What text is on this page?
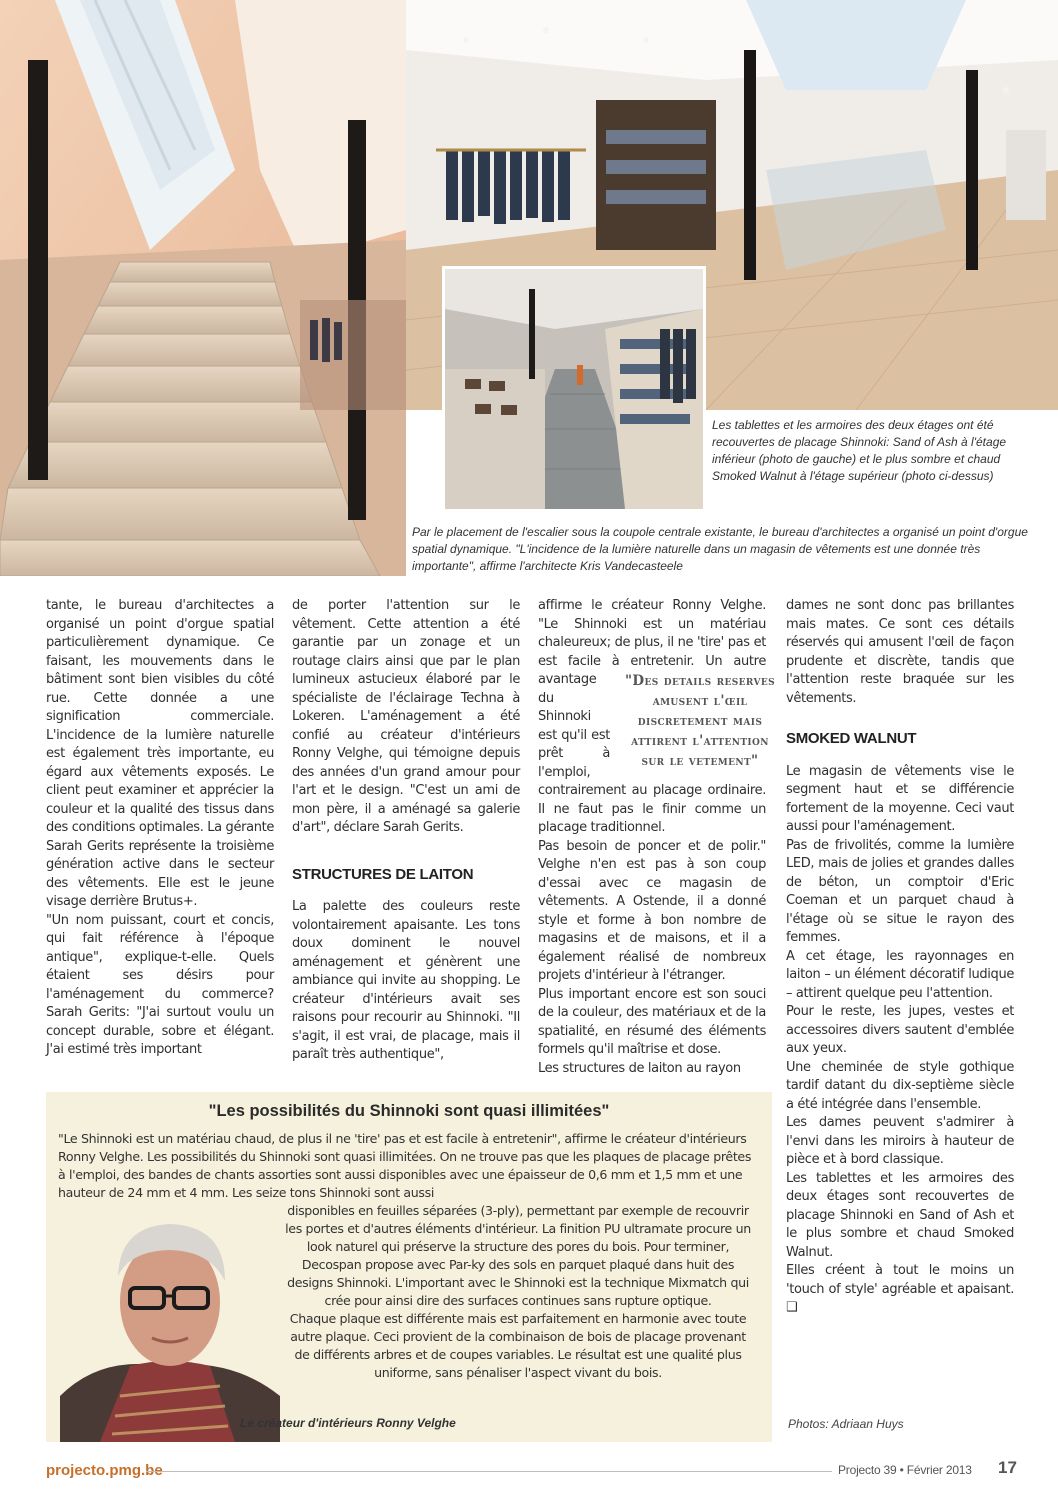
Les tablettes et les armoires des deux étages ont été recouvertes de placage Shinnoki: Sand of Ash à l'étage inférieur (photo de gauche) et le plus sombre et chaud Smoked Walnut à l'étage supérieur (photo ci-dessus)
Par le placement de l'escalier sous la coupole centrale existante, le bureau d'architectes a organisé un point d'orgue spatial dynamique. "L'incidence de la lumière naturelle dans un magasin de vêtements est une donnée très importante", affirme l'architecte Kris Vandecasteele

tante, le bureau d'architectes a organisé un point d'orgue spatial particulièrement dynamique. Ce faisant, les mouvements dans le bâtiment sont bien visibles du côté rue. Cette donnée a une signification commerciale. L'incidence de la lumière naturelle est également très importante, eu égard aux vêtements exposés. Le client peut examiner et apprécier la couleur et la qualité des tissus dans des conditions optimales. La gérante Sarah Gerits représente la troisième génération active dans le secteur des vêtements. Elle est le jeune visage derrière Brutus+.

"Un nom puissant, court et concis, qui fait référence à l'époque antique", explique-t-elle. Quels étaient ses désirs pour l'aménagement du commerce? Sarah Gerits: "J'ai surtout voulu un concept durable, sobre et élégant. J'ai estimé très important

de porter l'attention sur le vêtement. Cette attention a été garantie par un zonage et un routage clairs ainsi que par le plan lumineux astucieux élaboré par le spécialiste de l'éclairage Techna à Lokeren. L'aménagement a été confié au créateur d'intérieurs Ronny Velghe, qui témoigne depuis des années d'un grand amour pour l'art et le design. "C'est un ami de mon père, il a aménagé sa galerie d'art", déclare Sarah Gerits.

STRUCTURES DE LAITON

La palette des couleurs reste volontairement apaisante. Les tons doux dominent le nouvel aménagement et génèrent une ambiance qui invite au shopping. Le créateur d'intérieurs avait ses raisons pour recourir au Shinnoki. "Il s'agit, il est vrai, de placage, mais il paraît très authentique",

"Des details reserves amusent l'œil discretement mais attirent l'attention sur le vetement"

affirme le créateur Ronny Velghe. "Le Shinnoki est un matériau chaleureux; de plus, il ne 'tire' pas et est facile à entretenir. Un autre avantage du Shinnoki est qu'il est prêt à l'emploi, contrairement au placage ordinaire. Il ne faut pas le finir comme un placage traditionnel.

Pas besoin de poncer et de polir." Velghe n'en est pas à son coup d'essai avec ce magasin de vêtements. A Ostende, il a donné style et forme à bon nombre de magasins et de maisons, et il a également réalisé de nombreux projets d'intérieur à l'étranger.

Plus important encore est son souci de la couleur, des matériaux et de la spatialité, en résumé des éléments formels qu'il maîtrise et dose.

Les structures de laiton au rayon

dames ne sont donc pas brillantes mais mates. Ce sont ces détails réservés qui amusent l'œil de façon prudente et discrète, tandis que l'attention reste braquée sur les vêtements.

SMOKED WALNUT

Le magasin de vêtements vise le segment haut et se différencie fortement de la moyenne. Ceci vaut aussi pour l'aménagement.

Pas de frivolités, comme la lumière LED, mais de jolies et grandes dalles de béton, un comptoir d'Eric Coeman et un parquet chaud à l'étage où se situe le rayon des femmes.

A cet étage, les rayonnages en laiton – un élément décoratif ludique – attirent quelque peu l'attention.

Pour le reste, les jupes, vestes et accessoires divers sautent d'emblée aux yeux.

Une cheminée de style gothique tardif datant du dix-septième siècle a été intégrée dans l'ensemble.

Les dames peuvent s'admirer à l'envi dans les miroirs à hauteur de pièce et à bord classique.

Les tablettes et les armoires des deux étages sont recouvertes de placage Shinnoki en Sand of Ash et le plus sombre et chaud Smoked Walnut.

Elles créent à tout le moins un 'touch of style' agréable et apaisant. ❑

"Les possibilités du Shinnoki sont quasi illimitées"
"Le Shinnoki est un matériau chaud, de plus il ne 'tire' pas et est facile à entretenir", affirme le créateur d'intérieurs Ronny Velghe. Les possibilités du Shinnoki sont quasi illimitées. On ne trouve pas que les plaques de placage prêtes à l'emploi, des bandes de chants assorties sont aussi disponibles avec une épaisseur de 0,6 mm et 1,5 mm et une hauteur de 24 mm et 4 mm. Les seize tons Shinnoki sont aussi

disponibles en feuilles séparées (3-ply), permettant par exemple de recouvrir les portes et d'autres éléments d'intérieur. La finition PU ultramate procure un look naturel qui préserve la structure des pores du bois. Pour terminer, Decospan propose avec Par-ky des sols en parquet plaqué dans huit des designs Shinnoki. L'important avec le Shinnoki est la technique Mixmatch qui crée pour ainsi dire des surfaces continues sans rupture optique.

Chaque plaque est différente mais est parfaitement en harmonie avec toute autre plaque. Ceci provient de la combinaison de bois de placage provenant de différents arbres et de coupes variables. Le résultat est une qualité plus uniforme, sans pénaliser l'aspect vivant du bois.

Le créateur d'intérieurs Ronny Velghe	Photos: Adriaan Huys
projecto.pmg.be	Projecto 39 • Février 2013 17
